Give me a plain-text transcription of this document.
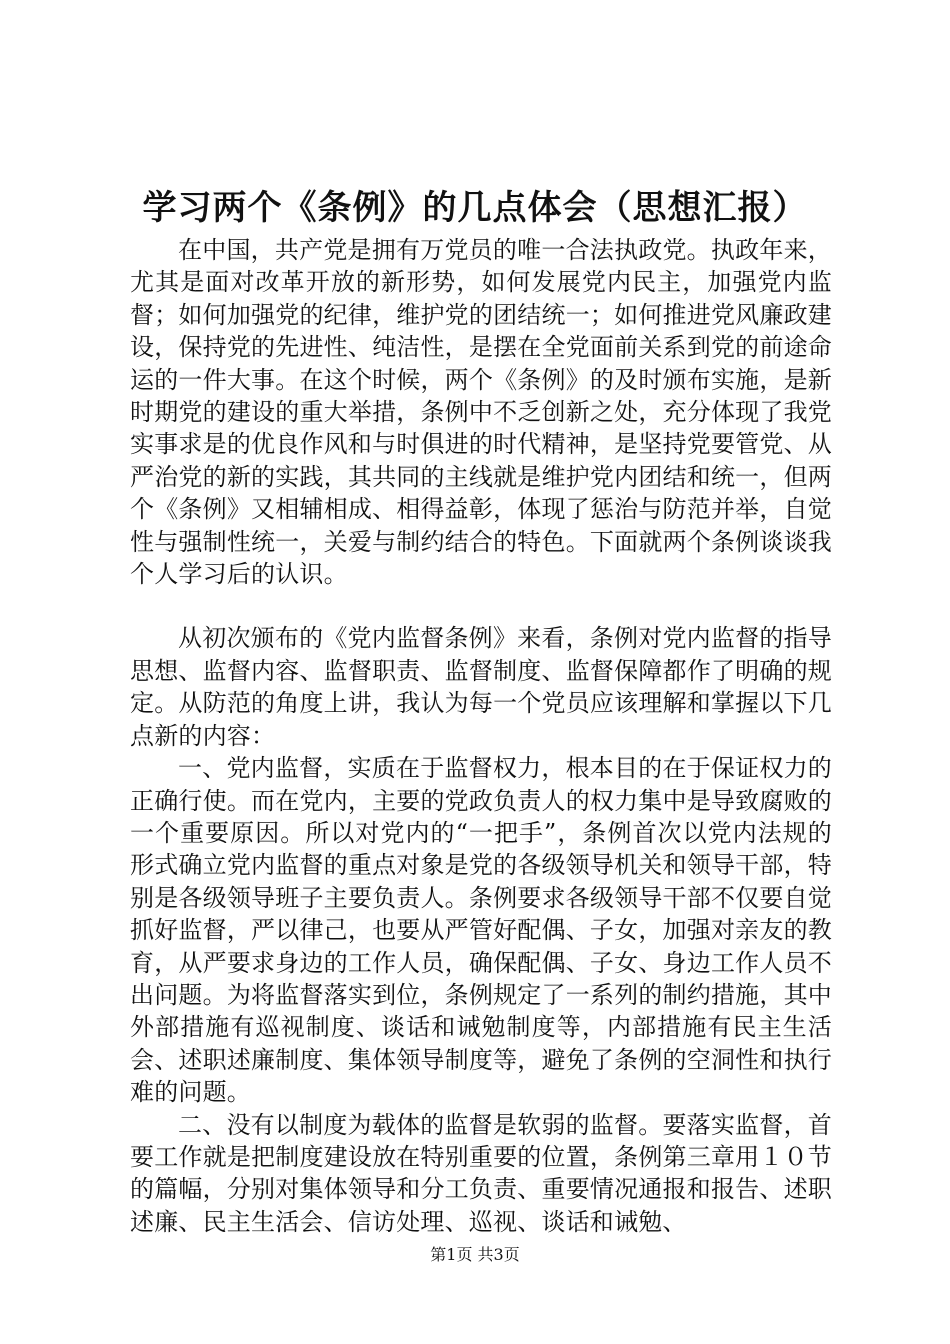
学习两个《条例》的几点体会（思想汇报）

在中国，共产党是拥有万党员的唯一合法执政党。执政年来，尤其是面对改革开放的新形势，如何发展党内民主，加强党内监督；如何加强党的纪律，维护党的团结统一；如何推进党风廉政建设，保持党的先进性、纯洁性，是摆在全党面前关系到党的前途命运的一件大事。在这个时候，两个《条例》的及时颁布实施，是新时期党的建设的重大举措，条例中不乏创新之处，充分体现了我党实事求是的优良作风和与时俱进的时代精神，是坚持党要管党、从严治党的新的实践，其共同的主线就是维护党内团结和统一，但两个《条例》又相辅相成、相得益彰，体现了惩治与防范并举，自觉性与强制性统一，关爱与制约结合的特色。下面就两个条例谈谈我个人学习后的认识。

从初次颁布的《党内监督条例》来看，条例对党内监督的指导思想、监督内容、监督职责、监督制度、监督保障都作了明确的规定。从防范的角度上讲，我认为每一个党员应该理解和掌握以下几点新的内容：

一、党内监督，实质在于监督权力，根本目的在于保证权力的正确行使。而在党内，主要的党政负责人的权力集中是导致腐败的一个重要原因。所以对党内的“一把手”，条例首次以党内法规的形式确立党内监督的重点对象是党的各级领导机关和领导干部，特别是各级领导班子主要负责人。条例要求各级领导干部不仅要自觉抓好监督，严以律己，也要从严管好配偶、子女，加强对亲友的教育，从严要求身边的工作人员，确保配偶、子女、身边工作人员不出问题。为将监督落实到位，条例规定了一系列的制约措施，其中外部措施有巡视制度、谈话和诫勉制度等，内部措施有民主生活会、述职述廉制度、集体领导制度等，避免了条例的空洞性和执行难的问题。

二、没有以制度为载体的监督是软弱的监督。要落实监督，首要工作就是把制度建设放在特别重要的位置，条例第三章用１０节的篇幅，分别对集体领导和分工负责、重要情况通报和报告、述职述廉、民主生活会、信访处理、巡视、谈话和诫勉、

第1页 共3页
